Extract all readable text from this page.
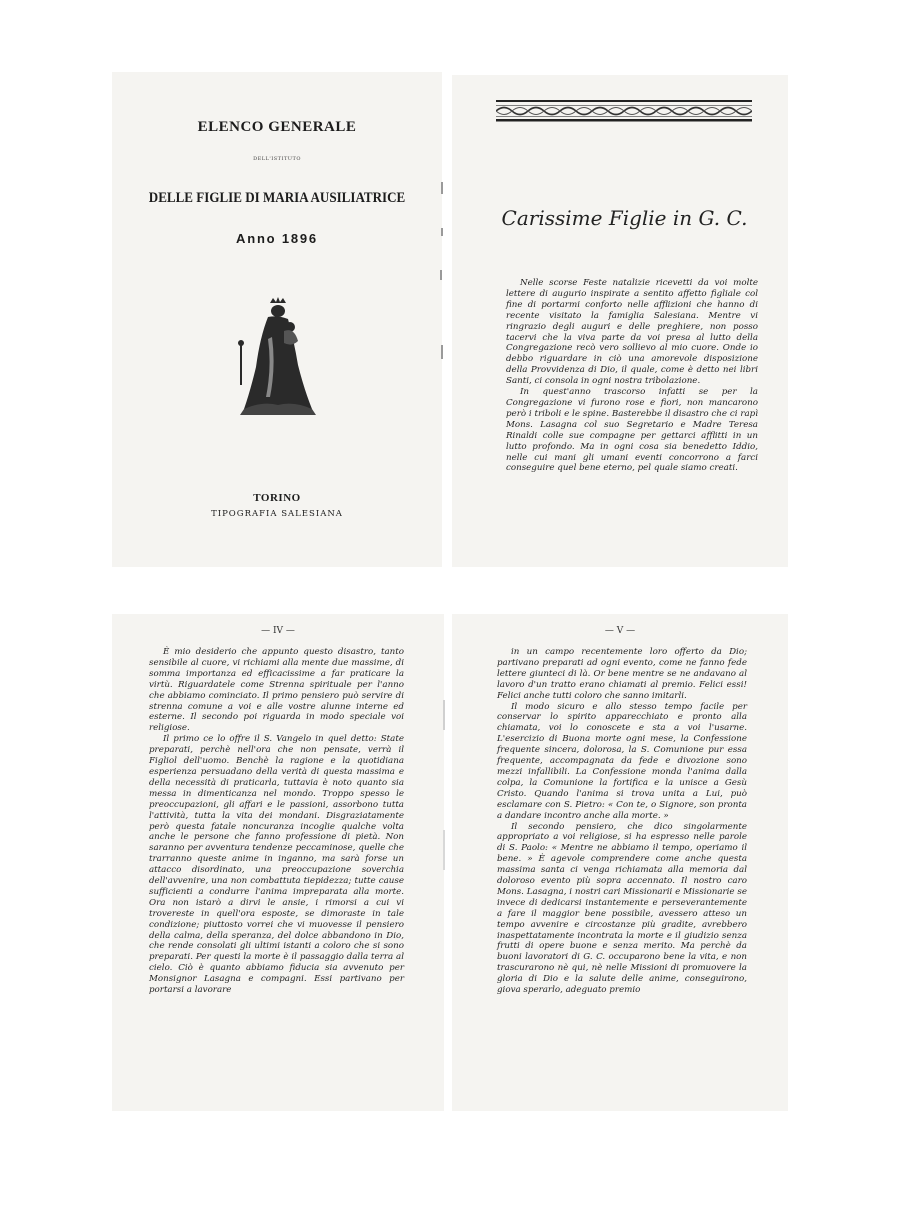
ELENCO GENERALE
DELL'ISTITUTO
DELLE FIGLIE DI MARIA AUSILIATRICE
Anno 1896
TORINO
TIPOGRAFIA SALESIANA
Carissime Figlie in G. C.

Nelle scorse Feste natalizie ricevetti da voi molte lettere di augurio inspirate a sentito affetto figliale col fine di portarmi conforto nelle afflizioni che hanno di recente visitato la famiglia Salesiana. Mentre vi ringrazio degli auguri e delle preghiere, non posso tacervi che la viva parte da voi presa al lutto della Congregazione recò vero sollievo al mio cuore. Onde io debbo riguardare in ciò una amorevole disposizione della Provvidenza di Dio, il quale, come è detto nei libri Santi, ci consola in ogni nostra tribolazione.

In quest'anno trascorso infatti se per la Congregazione vi furono rose e fiori, non mancarono però i triboli e le spine. Basterebbe il disastro che ci rapì Mons. Lasagna col suo Segretario e Madre Teresa Rinaldi colle sue compagne per gettarci afflitti in un lutto profondo. Ma in ogni cosa sia benedetto Iddio, nelle cui mani gli umani eventi concorrono a farci conseguire quel bene eterno, pel quale siamo creati.

— IV —

È mio desiderio che appunto questo disastro, tanto sensibile al cuore, vi richiami alla mente due massime, di somma importanza ed efficacissime a far praticare la virtù. Riguardatele come Strenna spirituale per l'anno che abbiamo cominciato. Il primo pensiero può servire di strenna comune a voi e alle vostre alunne interne ed esterne. Il secondo poi riguarda in modo speciale voi religiose.

Il primo ce lo offre il S. Vangelo in quel detto: State preparati, perchè nell'ora che non pensate, verrà il Figliol dell'uomo. Benchè la ragione e la quotidiana esperienza persuadano della verità di questa massima e della necessità di praticarla, tuttavia è noto quanto sia messa in dimenticanza nel mondo. Troppo spesso le preoccupazioni, gli affari e le passioni, assorbono tutta l'attività, tutta la vita dei mondani. Disgraziatamente però questa fatale noncuranza incoglie qualche volta anche le persone che fanno professione di pietà. Non saranno per avventura tendenze peccaminose, quelle che trarranno queste anime in inganno, ma sarà forse un attacco disordinato, una preoccupazione soverchia dell'avvenire, una non combattuta tiepidezza; tutte cause sufficienti a condurre l'anima impreparata alla morte. Ora non istarò a dirvi le ansie, i rimorsi a cui vi trovereste in quell'ora esposte, se dimoraste in tale condizione; piuttosto vorrei che vi muovesse il pensiero della calma, della speranza, del dolce abbandono in Dio, che rende consolati gli ultimi istanti a coloro che si sono preparati. Per questi la morte è il passaggio dalla terra al cielo. Ciò è quanto abbiamo fiducia sia avvenuto per Monsignor Lasagna e compagni. Essi partivano per portarsi a lavorare

— V —

in un campo recentemente loro offerto da Dio; partivano preparati ad ogni evento, come ne fanno fede lettere giunteci di là. Or bene mentre se ne andavano al lavoro d'un tratto erano chiamati al premio. Felici essi! Felici anche tutti coloro che sanno imitarli.

Il modo sicuro e allo stesso tempo facile per conservar lo spirito apparecchiato e pronto alla chiamata, voi lo conoscete e sta a voi l'usarne. L'esercizio di Buona morte ogni mese, la Confessione frequente sincera, dolorosa, la S. Comunione pur essa frequente, accompagnata da fede e divozione sono mezzi infallibili. La Confessione monda l'anima dalla colpa, la Comunione la fortifica e la unisce a Gesù Cristo. Quando l'anima si trova unita a Lui, può esclamare con S. Pietro: « Con te, o Signore, son pronta a dandare incontro anche alla morte. »

Il secondo pensiero, che dico singolarmente appropriato a voi religiose, si ha espresso nelle parole di S. Paolo: « Mentre ne abbiamo il tempo, operiamo il bene. » È agevole comprendere come anche questa massima santa ci venga richiamata alla memoria dal doloroso evento più sopra accennato. Il nostro caro Mons. Lasagna, i nostri cari Missionarii e Missionarie se invece di dedicarsi instantemente e perseverantemente a fare il maggior bene possibile, avessero atteso un tempo avvenire e circostanze più gradite, avrebbero inaspettatamente incontrata la morte e il giudizio senza frutti di opere buone e senza merito. Ma perchè da buoni lavoratori di G. C. occuparono bene la vita, e non trascurarono nè qui, nè nelle Missioni di promuovere la gloria di Dio e la salute delle anime, conseguirono, giova sperarlo, adeguato premio
